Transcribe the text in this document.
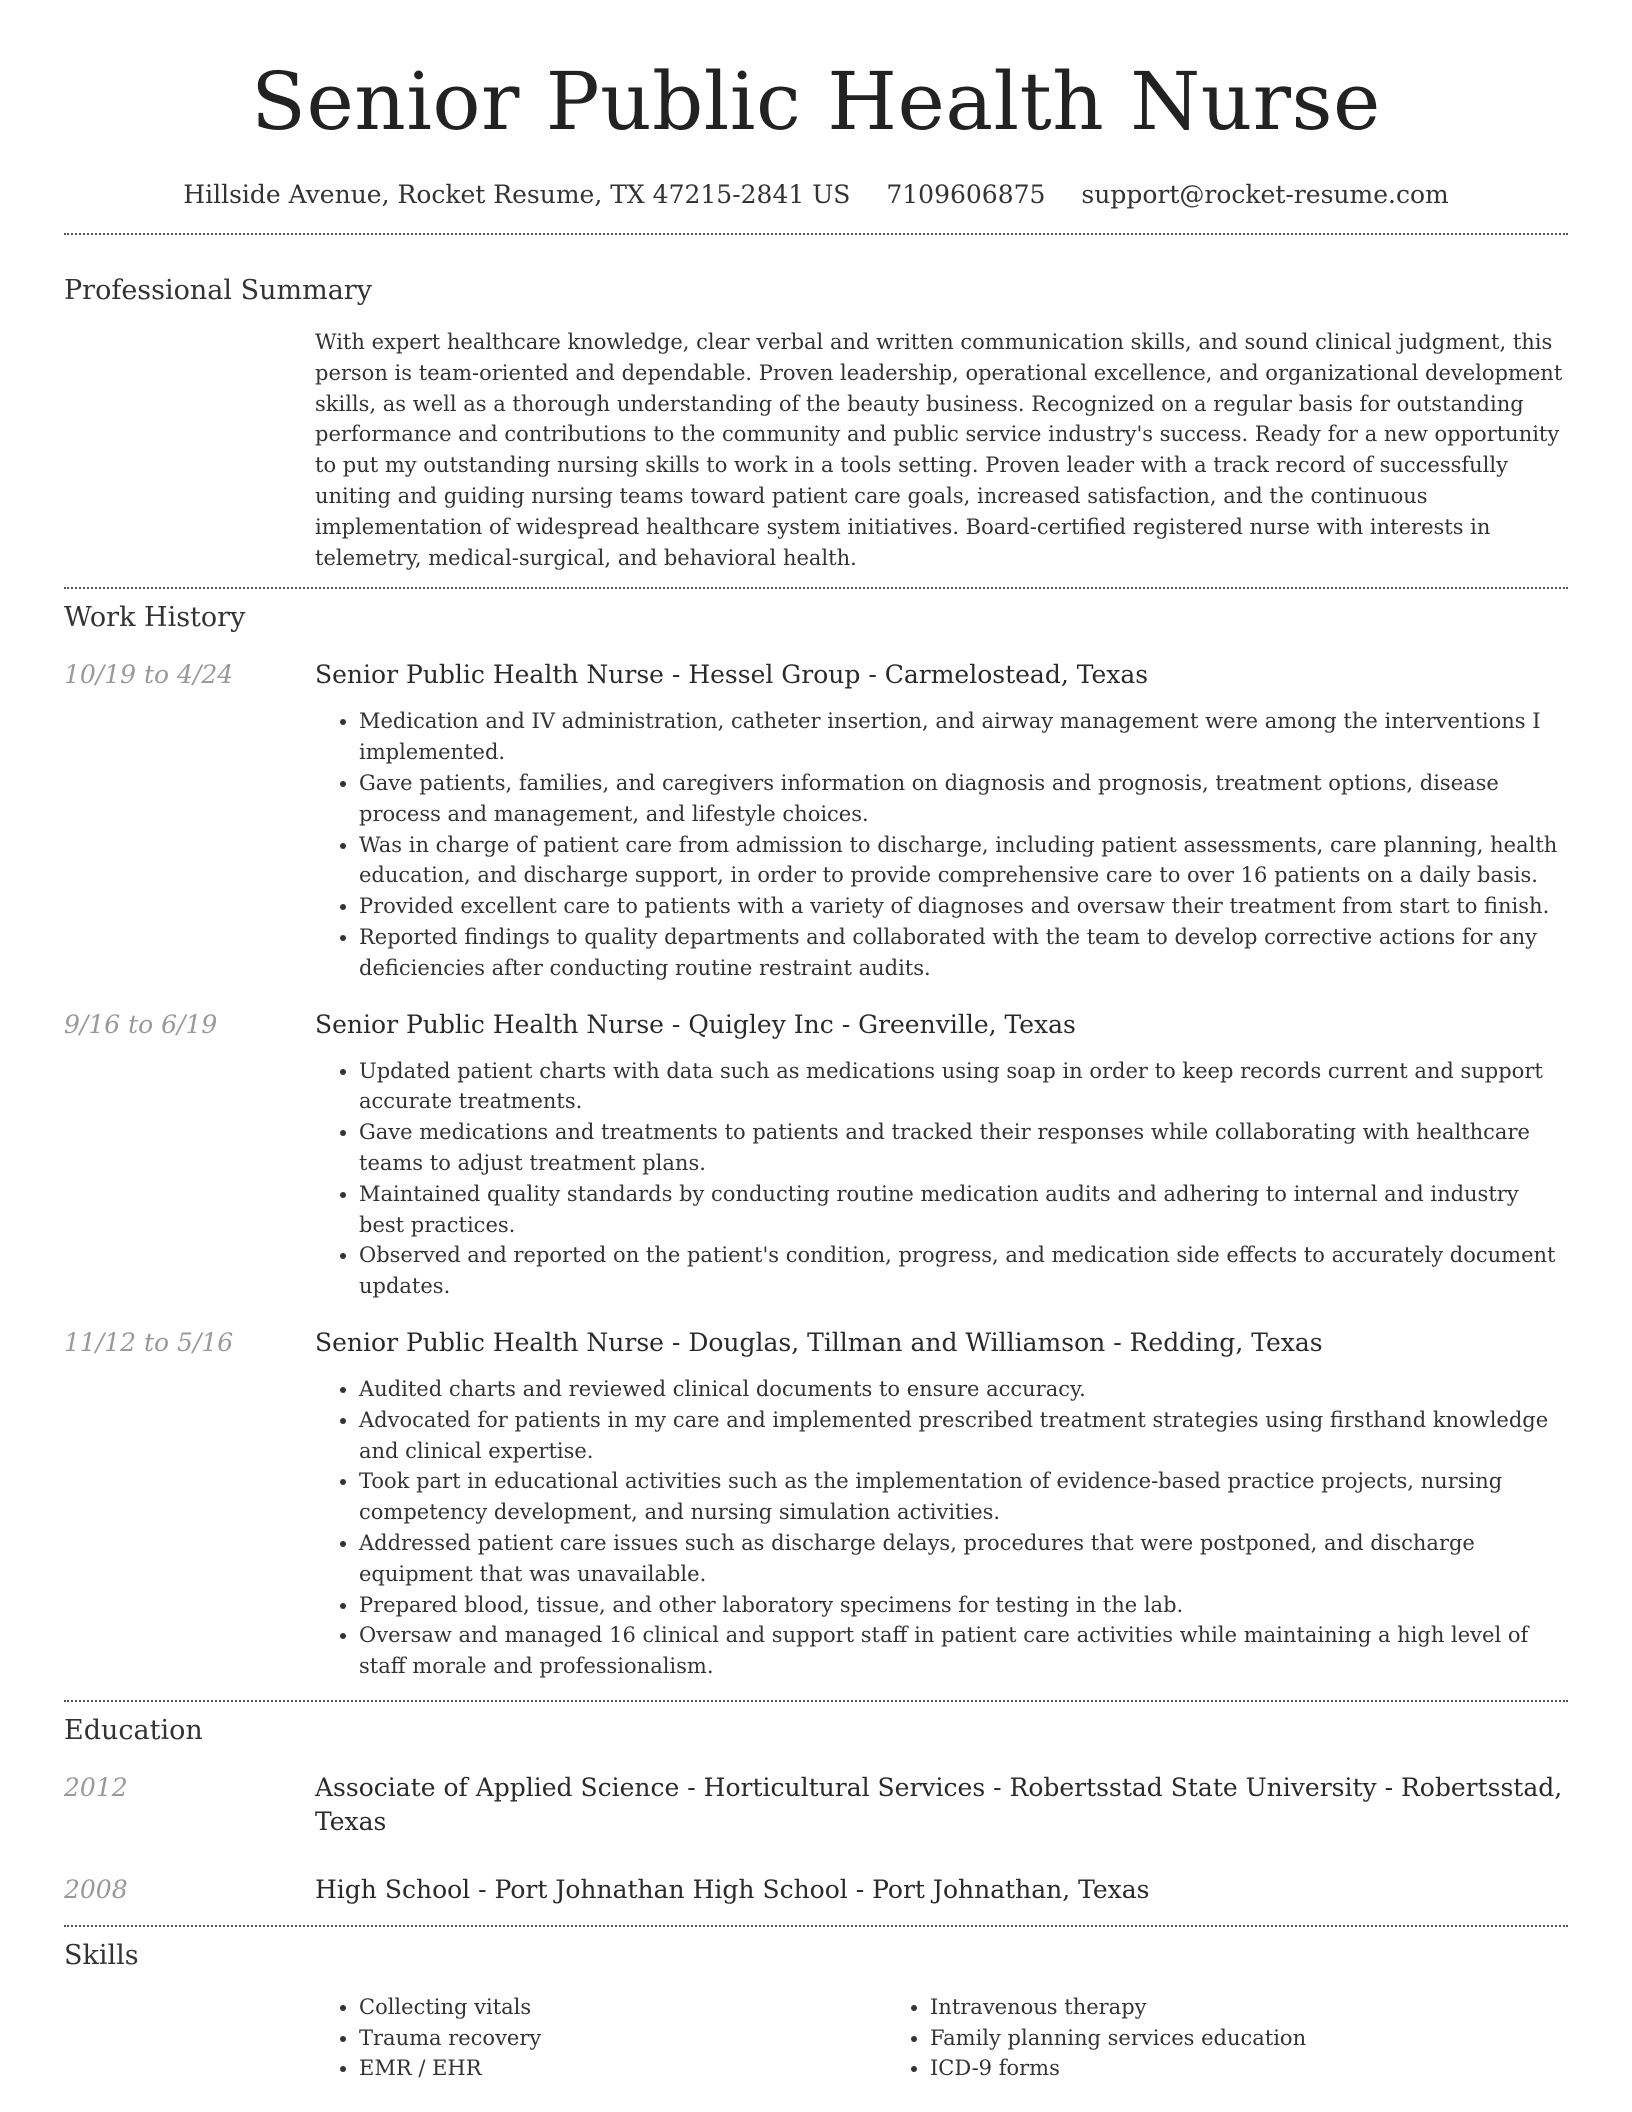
Senior Public Health Nurse
Hillside Avenue, Rocket Resume, TX 47215-2841 US 7109606875 support@rocket-resume.com
Professional Summary
With expert healthcare knowledge, clear verbal and written communication skills, and sound clinical judgment, this person is team-oriented and dependable. Proven leadership, operational excellence, and organizational development skills, as well as a thorough understanding of the beauty business. Recognized on a regular basis for outstanding performance and contributions to the community and public service industry's success. Ready for a new opportunity to put my outstanding nursing skills to work in a tools setting. Proven leader with a track record of successfully uniting and guiding nursing teams toward patient care goals, increased satisfaction, and the continuous implementation of widespread healthcare system initiatives. Board-certified registered nurse with interests in telemetry, medical-surgical, and behavioral health.
Work History
10/19 to 4/24	Senior Public Health Nurse - Hessel Group - Carmelostead, Texas
• Medication and IV administration, catheter insertion, and airway management were among the interventions I implemented.
• Gave patients, families, and caregivers information on diagnosis and prognosis, treatment options, disease process and management, and lifestyle choices.
• Was in charge of patient care from admission to discharge, including patient assessments, care planning, health education, and discharge support, in order to provide comprehensive care to over 16 patients on a daily basis.
• Provided excellent care to patients with a variety of diagnoses and oversaw their treatment from start to finish.
• Reported findings to quality departments and collaborated with the team to develop corrective actions for any deficiencies after conducting routine restraint audits.
9/16 to 6/19	Senior Public Health Nurse - Quigley Inc - Greenville, Texas
• Updated patient charts with data such as medications using soap in order to keep records current and support accurate treatments.
• Gave medications and treatments to patients and tracked their responses while collaborating with healthcare teams to adjust treatment plans.
• Maintained quality standards by conducting routine medication audits and adhering to internal and industry best practices.
• Observed and reported on the patient's condition, progress, and medication side effects to accurately document updates.
11/12 to 5/16	Senior Public Health Nurse - Douglas, Tillman and Williamson - Redding, Texas
• Audited charts and reviewed clinical documents to ensure accuracy.
• Advocated for patients in my care and implemented prescribed treatment strategies using firsthand knowledge and clinical expertise.
• Took part in educational activities such as the implementation of evidence-based practice projects, nursing competency development, and nursing simulation activities.
• Addressed patient care issues such as discharge delays, procedures that were postponed, and discharge equipment that was unavailable.
• Prepared blood, tissue, and other laboratory specimens for testing in the lab.
• Oversaw and managed 16 clinical and support staff in patient care activities while maintaining a high level of staff morale and professionalism.
Education
2012	Associate of Applied Science - Horticultural Services - Robertsstad State University - Robertsstad, Texas
2008	High School - Port Johnathan High School - Port Johnathan, Texas
Skills
• Collecting vitals
• Trauma recovery
• EMR / EHR
• Intravenous therapy
• Family planning services education
• ICD-9 forms
